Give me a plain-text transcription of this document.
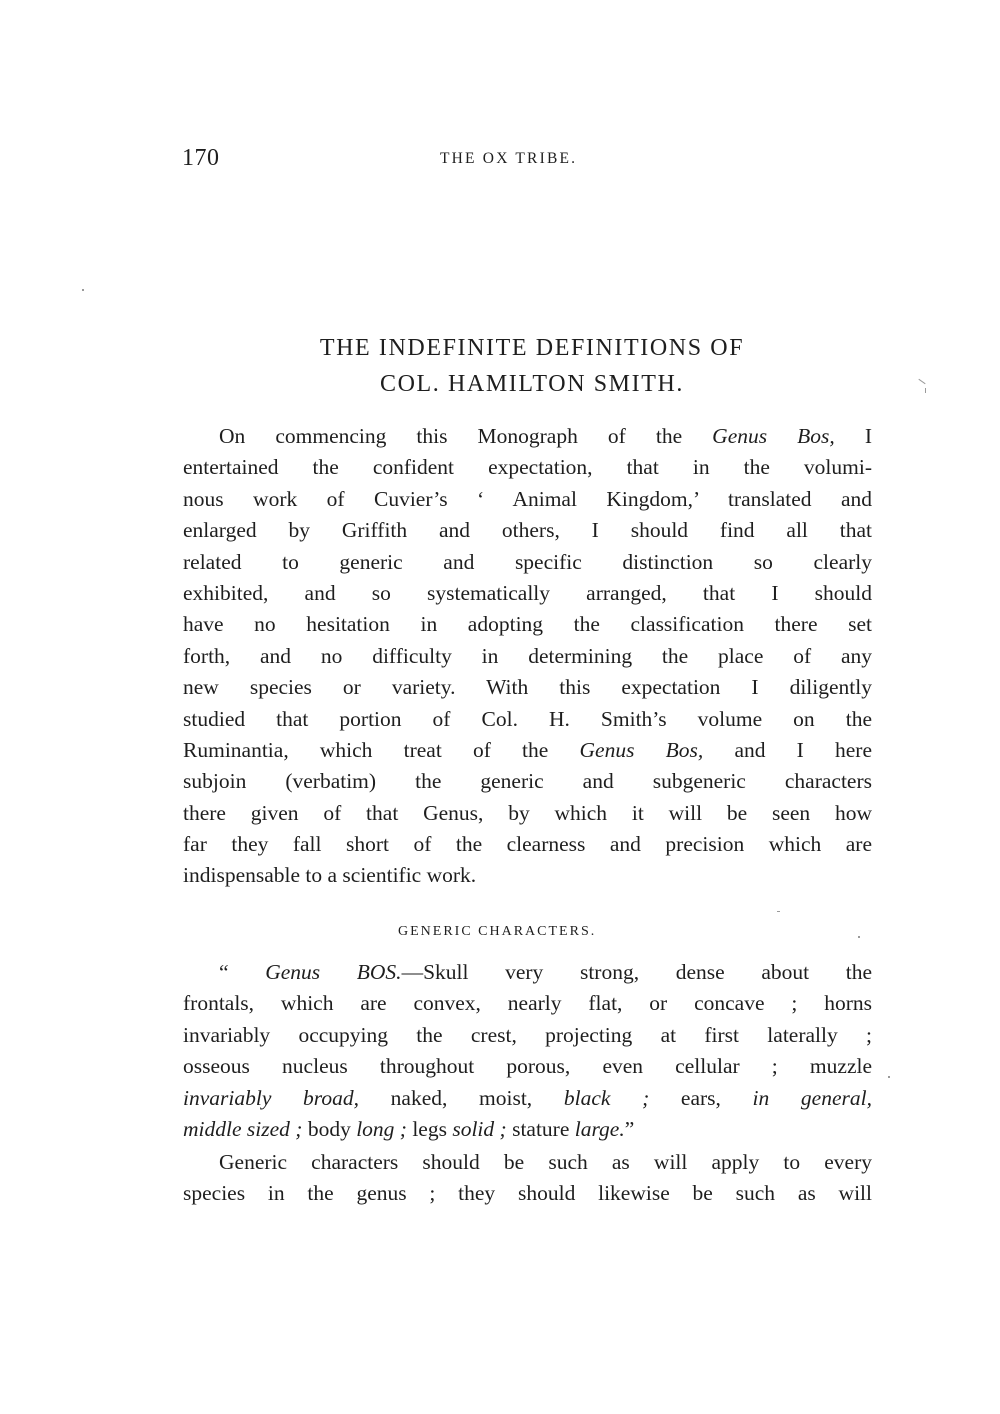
170	THE OX TRIBE.
THE INDEFINITE DEFINITIONS OF
COL. HAMILTON SMITH.
On commencing this Monograph of the Genus Bos, I
entertained the confident expectation, that in the volumi-
nous work of Cuvier’s ‘ Animal Kingdom,’ translated and
enlarged by Griffith and others, I should find all that
related to generic and specific distinction so clearly
exhibited, and so systematically arranged, that I should
have no hesitation in adopting the classification there set
forth, and no difficulty in determining the place of any
new species or variety. With this expectation I diligently
studied that portion of Col. H. Smith’s volume on the
Ruminantia, which treat of the Genus Bos, and I here
subjoin (verbatim) the generic and subgeneric characters
there given of that Genus, by which it will be seen how
far they fall short of the clearness and precision which are
indispensable to a scientific work.
GENERIC CHARACTERS.
“ Genus BOS.—Skull very strong, dense about the
frontals, which are convex, nearly flat, or concave ; horns
invariably occupying the crest, projecting at first laterally ;
osseous nucleus throughout porous, even cellular ; muzzle
invariably broad, naked, moist, black ; ears, in general,
middle sized ; body long ; legs solid ; stature large.”
Generic characters should be such as will apply to every
species in the genus ; they should likewise be such as will
